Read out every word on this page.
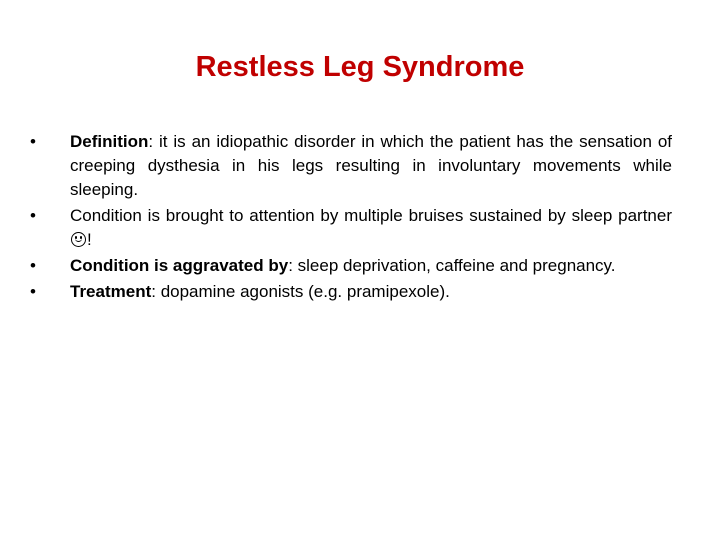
Restless Leg Syndrome
•	Definition: it is an idiopathic disorder in which the patient has the sensation of creeping dysthesia in his legs resulting in involuntary movements while sleeping.
•	Condition is brought to attention by multiple bruises sustained by sleep partner
!
•	Condition is aggravated by: sleep deprivation, caffeine and pregnancy.
•	Treatment: dopamine agonists (e.g. pramipexole).
